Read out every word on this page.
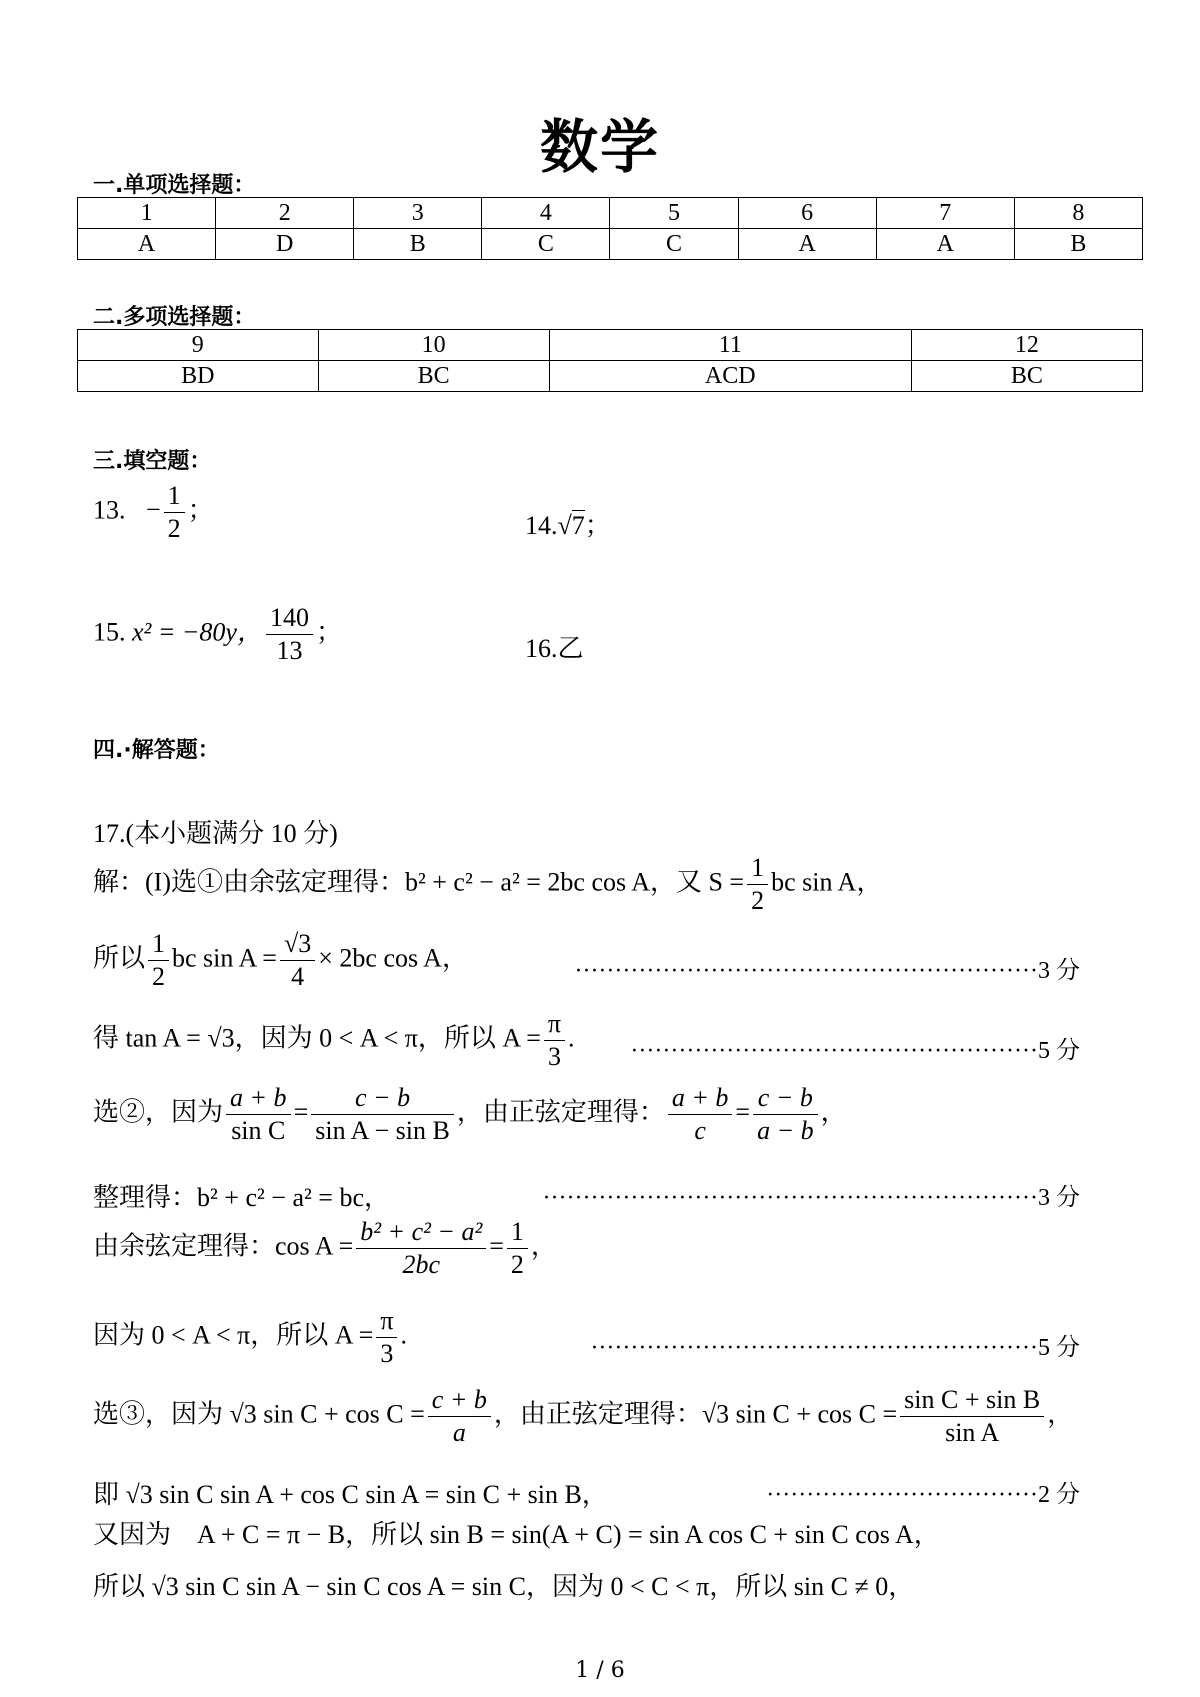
数学
一.单项选择题：
1	2	3	4	5	6	7	8
A	D	B	C	C	A	A	B
二.多项选择题：
9	10	11	12
BD	BC	ACD	BC
三.填空题：
13. − $\frac{1}{2}$ ；
14.√7；
15. x² = −80y， $\frac{140}{13}$ ；
16.乙
四.·解答题：
17.(本小题满分 10 分)
解：(I)选①由余弦定理得：b² + c² − a² = 2bc cos A，又 $S = \frac{1}{2}$ bc sin A，
所以 $\frac{1}{2}$ bc $\sin A = \frac{√3}{4} \times 2bc$ cos A，	··························································3 分
得 tan A = √3，因为 0 < A < π，所以 $A = \frac{\pi}{3}$ . ···················································5 分
选②，因为 $\frac{a + b}{\text{sin C}} = \frac{c - b}{\text{sin A − sin B}}$ ，由正弦定理得： $\frac{a + b}{c} = \frac{c - b}{a - b}$ ，
整理得：b² + c² − a² = bc，	······························································3 分
由余弦定理得：$\cos A = \frac{\text{b² + c² − a²}}{2bc} = \frac{1}{2}$ ，
因为 0 < A < π，所以 $A = \frac{\pi}{3}$ .	························································5 分
选③，因为 √3 $\sin C + \cos C = \frac{c + b}{a}$ ，由正弦定理得：√3 $\sin C + \cos C = \frac{\text{sin C + sin B}}{\text{sin A}}$ ，
即 √3 sin C sin A + cos C sin A = sin C + sin B，	··································2 分
又因为　A + C = π − B，所以 sin B = sin(A + C) = sin A cos C + sin C cos A，
所以 √3 sin C sin A − sin C cos A = sin C，因为 0 < C < π，所以 sin C ≠ 0，
1 / 6
